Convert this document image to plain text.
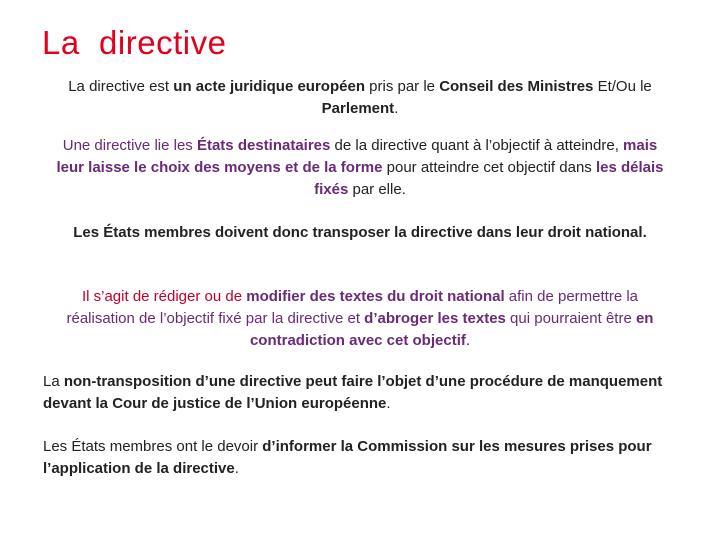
La  directive
La directive est un acte juridique européen pris par le Conseil des Ministres Et/Ou le Parlement.
Une directive lie les États destinataires de la directive quant à l’objectif à atteindre, mais leur laisse le choix des moyens et de la forme pour atteindre cet objectif dans les délais fixés par elle.
Les États membres doivent donc transposer la directive dans leur droit national.
Il s’agit de rédiger ou de modifier des textes du droit national afin de permettre la réalisation de l’objectif fixé par la directive et d’abroger les textes qui pourraient être en contradiction avec cet objectif.
La non-transposition d’une directive peut faire l’objet d’une procédure de manquement devant la Cour de justice de l’Union européenne.
Les États membres ont le devoir d’informer la Commission sur les mesures prises pour l’application de la directive.
